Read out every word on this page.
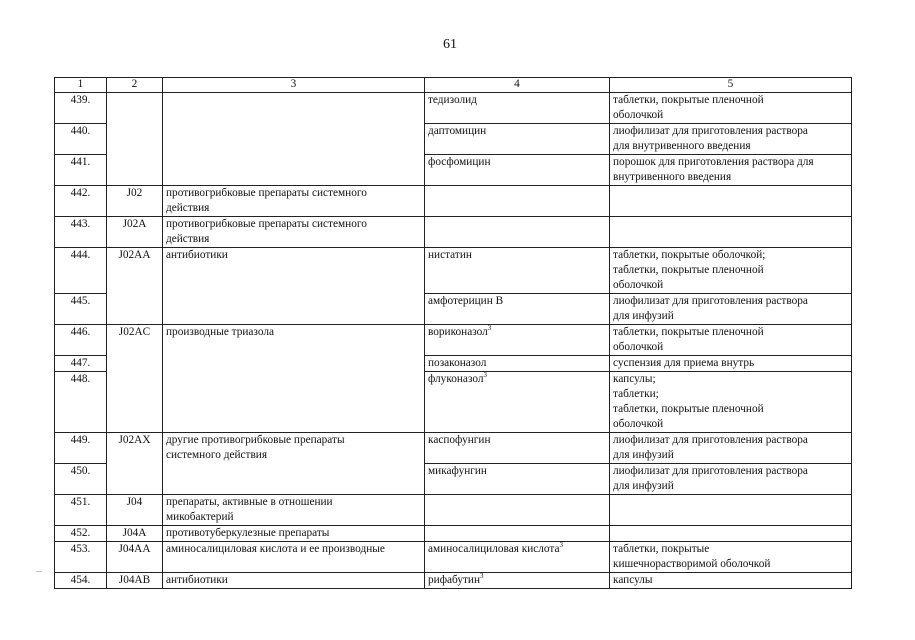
61
1	2	3	4	5
439.			тедизолид	таблетки, покрытые пленочной
оболочкой

440.			даптомицин	лиофилизат для приготовления раствора
для внутривенного введения

441.			фосфомицин	порошок для приготовления раствора для
внутривенного введения

442.	J02	противогрибковые препараты системного
действия		

443.	J02A	противогрибковые препараты системного
действия		

444.	J02AA	антибиотики	нистатин	таблетки, покрытые оболочкой;
таблетки, покрытые пленочной
оболочкой

445.			амфотерицин B	лиофилизат для приготовления раствора
для инфузий

446.	J02AC	производные триазола	вориконазол$^3$	таблетки, покрытые пленочной
оболочкой

447.			позаконазол	суспензия для приема внутрь

448.			флуконазол$^3$	капсулы;
таблетки;
таблетки, покрытые пленочной
оболочкой

449.	J02AX	другие противогрибковые препараты
системного действия	каспофунгин	лиофилизат для приготовления раствора
для инфузий

450.			микафунгин	лиофилизат для приготовления раствора
для инфузий

451.	J04	препараты, активные в отношении
микобактерий		

452.	J04A	противотуберкулезные препараты		

453.	J04AA	аминосалициловая кислота и ее производные	аминосалициловая кислота$^3$	таблетки, покрытые
кишечнорастворимой оболочкой

454.	J04AB	антибиотики	рифабутин$^3$	капсулы
